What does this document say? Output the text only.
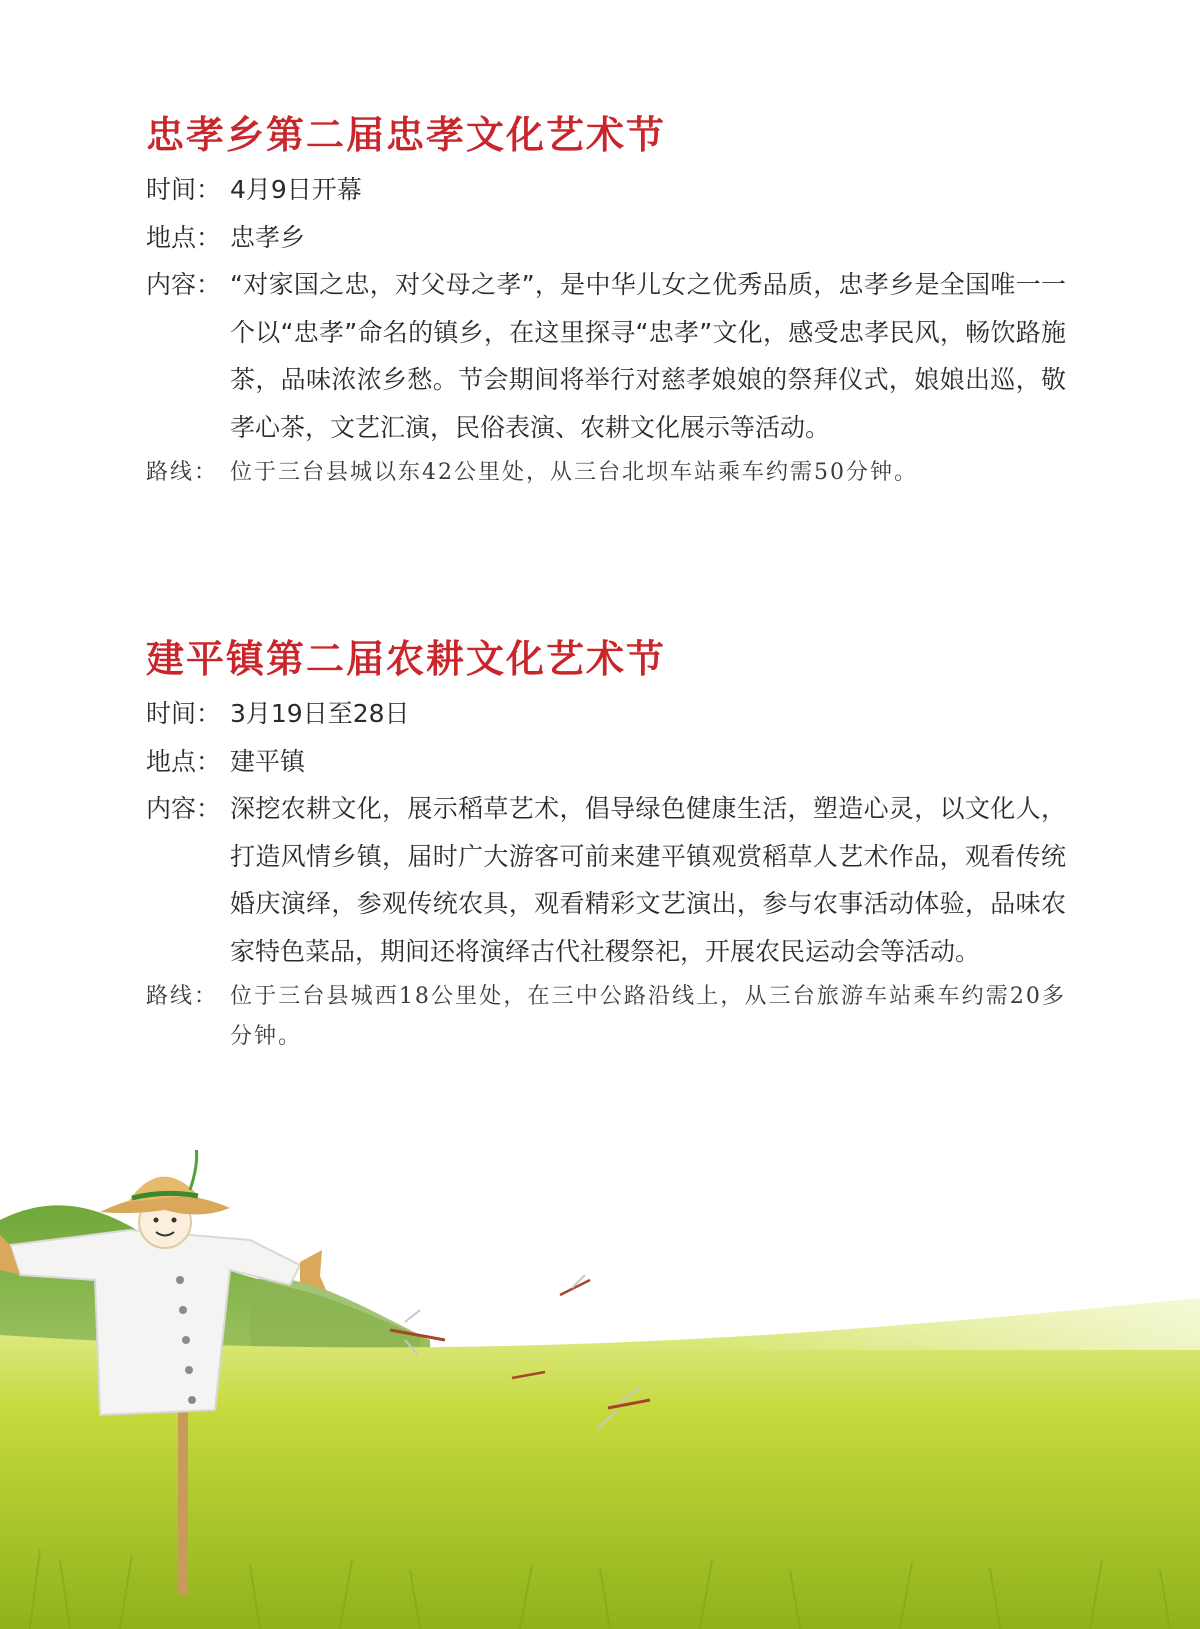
忠孝乡第二届忠孝文化艺术节
时间： 4月9日开幕
地点： 忠孝乡
内容： “对家国之忠，对父母之孝”，是中华儿女之优秀品质，忠孝乡是全国唯一一个以“忠孝”命名的镇乡，在这里探寻“忠孝”文化，感受忠孝民风，畅饮路施茶，品味浓浓乡愁。节会期间将举行对慈孝娘娘的祭拜仪式，娘娘出巡，敬孝心茶，文艺汇演，民俗表演、农耕文化展示等活动。
路线： 位于三台县城以东42公里处，从三台北坝车站乘车约需50分钟。
建平镇第二届农耕文化艺术节
时间： 3月19日至28日
地点： 建平镇
内容： 深挖农耕文化，展示稻草艺术，倡导绿色健康生活，塑造心灵，以文化人，打造风情乡镇，届时广大游客可前来建平镇观赏稻草人艺术作品，观看传统婚庆演绎，参观传统农具，观看精彩文艺演出，参与农事活动体验，品味农家特色菜品，期间还将演绎古代社稷祭祀，开展农民运动会等活动。
路线： 位于三台县城西18公里处，在三中公路沿线上，从三台旅游车站乘车约需20多分钟。
